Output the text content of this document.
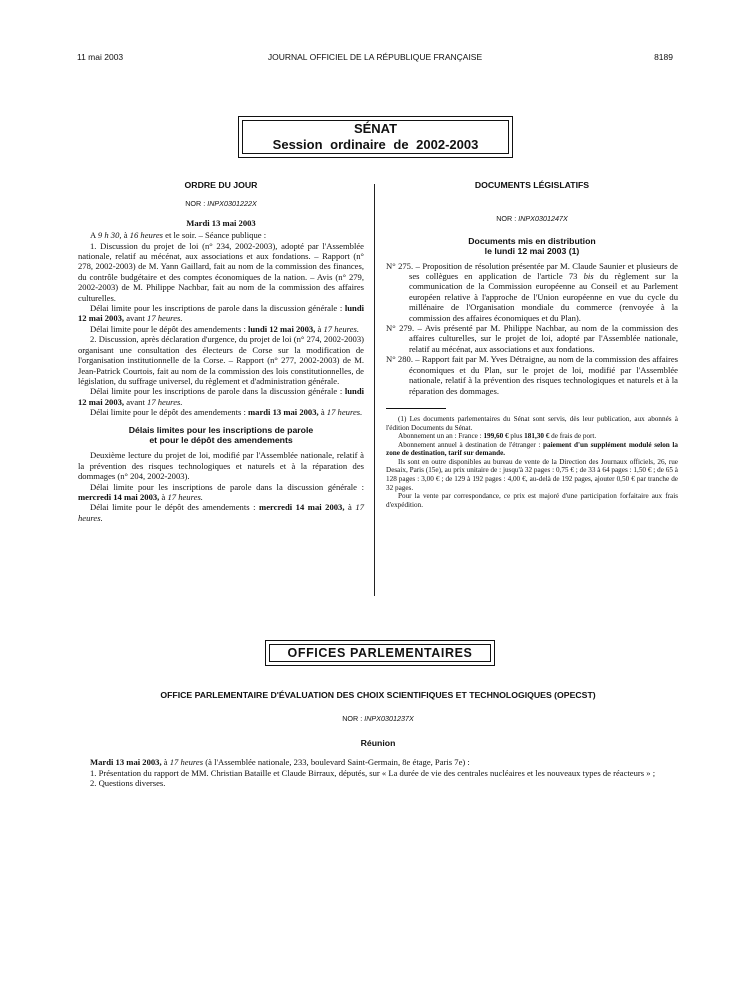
11 mai 2003	JOURNAL OFFICIEL DE LA RÉPUBLIQUE FRANÇAISE	8189
SÉNAT
Session ordinaire de 2002-2003

ORDRE DU JOUR

NOR : INPX0301222X

Mardi 13 mai 2003

A 9 h 30, à 16 heures et le soir. – Séance publique :

1. Discussion du projet de loi (n° 234, 2002-2003), adopté par l'Assemblée nationale, relatif au mécénat, aux associations et aux fondations. – Rapport (n° 278, 2002-2003) de M. Yann Gaillard, fait au nom de la commission des finances, du contrôle budgétaire et des comptes économiques de la nation. – Avis (n° 279, 2002-2003) de M. Philippe Nachbar, fait au nom de la commission des affaires culturelles.

Délai limite pour les inscriptions de parole dans la discussion générale : lundi 12 mai 2003, avant 17 heures.

Délai limite pour le dépôt des amendements : lundi 12 mai 2003, à 17 heures.

2. Discussion, après déclaration d'urgence, du projet de loi (n° 274, 2002-2003) organisant une consultation des électeurs de Corse sur la modification de l'organisation institutionnelle de la Corse. – Rapport (n° 277, 2002-2003) de M. Jean-Patrick Courtois, fait au nom de la commission des lois constitutionnelles, de législation, du suffrage universel, du règlement et d'administration générale.

Délai limite pour les inscriptions de parole dans la discussion générale : lundi 12 mai 2003, avant 17 heures.

Délai limite pour le dépôt des amendements : mardi 13 mai 2003, à 17 heures.

Délais limites pour les inscriptions de parole

et pour le dépôt des amendements

Deuxième lecture du projet de loi, modifié par l'Assemblée nationale, relatif à la prévention des risques technologiques et naturels et à la réparation des dommages (n° 204, 2002-2003).

Délai limite pour les inscriptions de parole dans la discussion générale : mercredi 14 mai 2003, à 17 heures.

Délai limite pour le dépôt des amendements : mercredi 14 mai 2003, à 17 heures.

DOCUMENTS LÉGISLATIFS

NOR : INPX0301247X

Documents mis en distribution

le lundi 12 mai 2003 (1)

N° 275. – Proposition de résolution présentée par M. Claude Saunier et plusieurs de ses collègues en application de l'article 73 bis du règlement sur la communication de la Commission européenne au Conseil et au Parlement européen relative à l'approche de l'Union européenne en vue du cycle du millénaire de l'Organisation mondiale du commerce (renvoyée à la commission des affaires économiques et du Plan).

N° 279. – Avis présenté par M. Philippe Nachbar, au nom de la commission des affaires culturelles, sur le projet de loi, adopté par l'Assemblée nationale, relatif au mécénat, aux associations et aux fondations.

N° 280. – Rapport fait par M. Yves Détraigne, au nom de la commission des affaires économiques et du Plan, sur le projet de loi, modifié par l'Assemblée nationale, relatif à la prévention des risques technologiques et naturels et à la réparation des dommages.

(1) Les documents parlementaires du Sénat sont servis, dès leur publication, aux abonnés à l'édition Documents du Sénat.

Abonnement un an : France : 199,60 € plus 181,30 € de frais de port.

Abonnement annuel à destination de l'étranger : paiement d'un supplément modulé selon la zone de destination, tarif sur demande.

Ils sont en outre disponibles au bureau de vente de la Direction des Journaux officiels, 26, rue Desaix, Paris (15e), au prix unitaire de : jusqu'à 32 pages : 0,75 € ; de 33 à 64 pages : 1,50 € ; de 65 à 128 pages : 3,00 € ; de 129 à 192 pages : 4,00 €, au-delà de 192 pages, ajouter 0,50 € par tranche de 32 pages.

Pour la vente par correspondance, ce prix est majoré d'une participation forfaitaire aux frais d'expédition.

OFFICES PARLEMENTAIRES

OFFICE PARLEMENTAIRE D'ÉVALUATION DES CHOIX SCIENTIFIQUES ET TECHNOLOGIQUES (OPECST)

NOR : INPX0301237X

Réunion

Mardi 13 mai 2003, à 17 heures (à l'Assemblée nationale, 233, boulevard Saint-Germain, 8e étage, Paris 7e) :

1. Présentation du rapport de MM. Christian Bataille et Claude Birraux, députés, sur « La durée de vie des centrales nucléaires et les nouveaux types de réacteurs » ;

2. Questions diverses.
